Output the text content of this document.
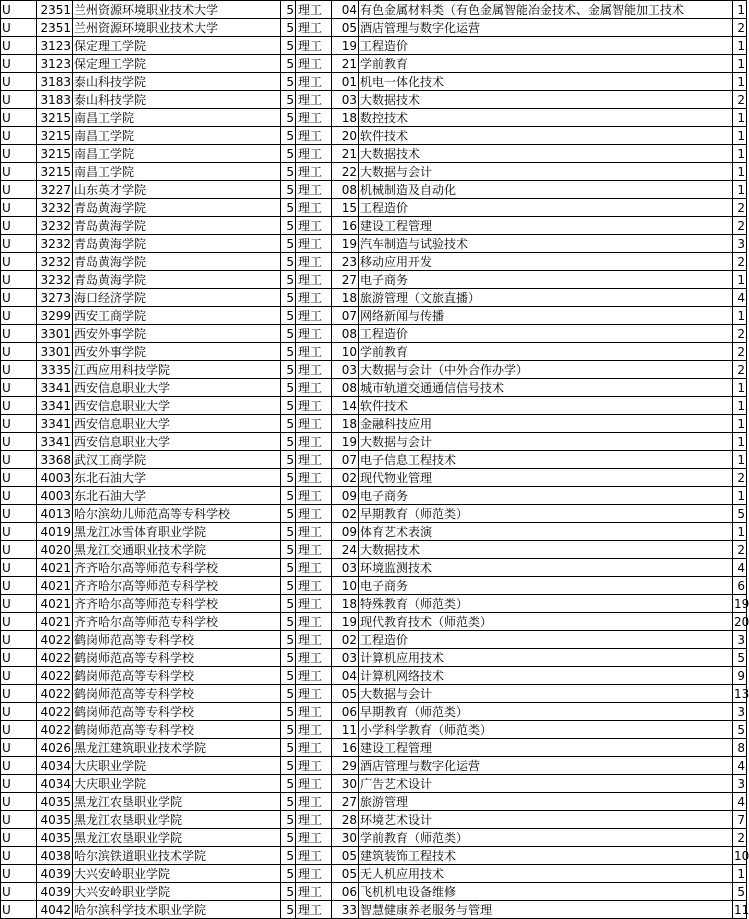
U	2351	兰州资源环境职业技术大学	5	理工	04	有色金属材料类（有色金属智能冶金技术、金属智能加工技术	1
U	2351	兰州资源环境职业技术大学	5	理工	05	酒店管理与数字化运营	2
U	3123	保定理工学院	5	理工	19	工程造价	1
U	3123	保定理工学院	5	理工	21	学前教育	1
U	3183	泰山科技学院	5	理工	01	机电一体化技术	1
U	3183	泰山科技学院	5	理工	03	大数据技术	2
U	3215	南昌工学院	5	理工	18	数控技术	1
U	3215	南昌工学院	5	理工	20	软件技术	1
U	3215	南昌工学院	5	理工	21	大数据技术	1
U	3215	南昌工学院	5	理工	22	大数据与会计	1
U	3227	山东英才学院	5	理工	08	机械制造及自动化	1
U	3232	青岛黄海学院	5	理工	15	工程造价	2
U	3232	青岛黄海学院	5	理工	16	建设工程管理	2
U	3232	青岛黄海学院	5	理工	19	汽车制造与试验技术	3
U	3232	青岛黄海学院	5	理工	23	移动应用开发	2
U	3232	青岛黄海学院	5	理工	27	电子商务	1
U	3273	海口经济学院	5	理工	18	旅游管理（文旅直播）	4
U	3299	西安工商学院	5	理工	07	网络新闻与传播	1
U	3301	西安外事学院	5	理工	08	工程造价	2
U	3301	西安外事学院	5	理工	10	学前教育	2
U	3335	江西应用科技学院	5	理工	03	大数据与会计（中外合作办学）	2
U	3341	西安信息职业大学	5	理工	08	城市轨道交通通信信号技术	1
U	3341	西安信息职业大学	5	理工	14	软件技术	1
U	3341	西安信息职业大学	5	理工	18	金融科技应用	1
U	3341	西安信息职业大学	5	理工	19	大数据与会计	1
U	3368	武汉工商学院	5	理工	07	电子信息工程技术	1
U	4003	东北石油大学	5	理工	02	现代物业管理	2
U	4003	东北石油大学	5	理工	09	电子商务	1
U	4013	哈尔滨幼儿师范高等专科学校	5	理工	02	早期教育（师范类）	5
U	4019	黑龙江冰雪体育职业学院	5	理工	09	体育艺术表演	1
U	4020	黑龙江交通职业技术学院	5	理工	24	大数据技术	2
U	4021	齐齐哈尔高等师范专科学校	5	理工	03	环境监测技术	4
U	4021	齐齐哈尔高等师范专科学校	5	理工	10	电子商务	6
U	4021	齐齐哈尔高等师范专科学校	5	理工	18	特殊教育（师范类）	19
U	4021	齐齐哈尔高等师范专科学校	5	理工	19	现代教育技术（师范类）	20
U	4022	鹤岗师范高等专科学校	5	理工	02	工程造价	3
U	4022	鹤岗师范高等专科学校	5	理工	03	计算机应用技术	5
U	4022	鹤岗师范高等专科学校	5	理工	04	计算机网络技术	9
U	4022	鹤岗师范高等专科学校	5	理工	05	大数据与会计	13
U	4022	鹤岗师范高等专科学校	5	理工	06	早期教育（师范类）	3
U	4022	鹤岗师范高等专科学校	5	理工	11	小学科学教育（师范类）	5
U	4026	黑龙江建筑职业技术学院	5	理工	16	建设工程管理	8
U	4034	大庆职业学院	5	理工	29	酒店管理与数字化运营	4
U	4034	大庆职业学院	5	理工	30	广告艺术设计	3
U	4035	黑龙江农垦职业学院	5	理工	27	旅游管理	4
U	4035	黑龙江农垦职业学院	5	理工	28	环境艺术设计	7
U	4035	黑龙江农垦职业学院	5	理工	30	学前教育（师范类）	2
U	4038	哈尔滨铁道职业技术学院	5	理工	05	建筑装饰工程技术	10
U	4039	大兴安岭职业学院	5	理工	05	无人机应用技术	1
U	4039	大兴安岭职业学院	5	理工	06	飞机机电设备维修	5
U	4042	哈尔滨科学技术职业学院	5	理工	33	智慧健康养老服务与管理	11
